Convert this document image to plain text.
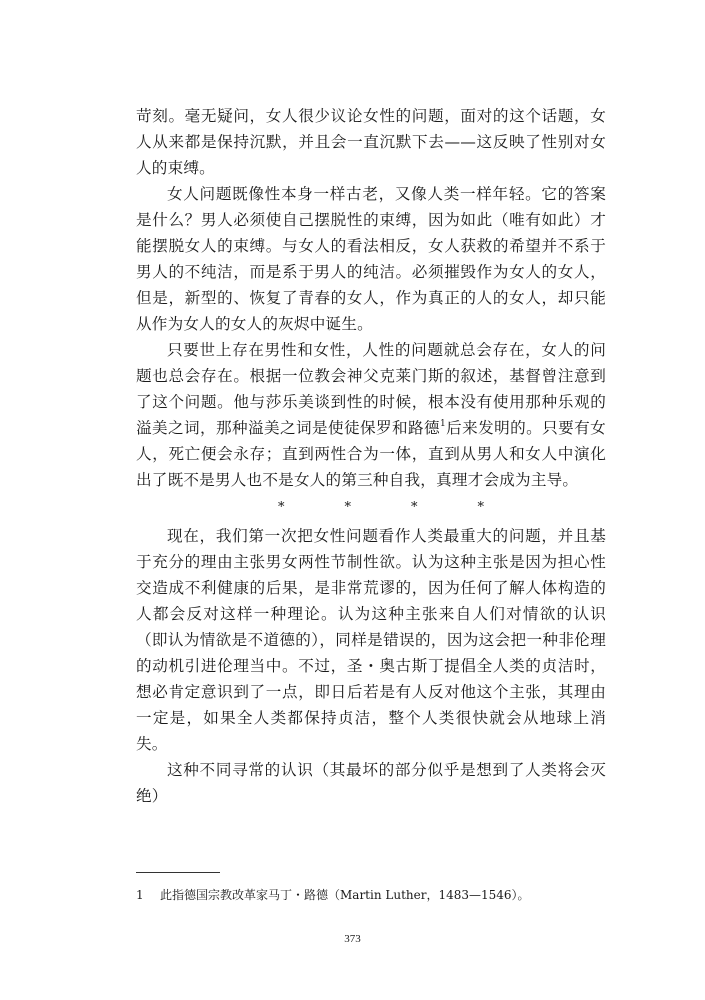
苛刻。毫无疑问，女人很少议论女性的问题，面对的这个话题，女人从来都是保持沉默，并且会一直沉默下去——这反映了性别对女人的束缚。

女人问题既像性本身一样古老，又像人类一样年轻。它的答案是什么？男人必须使自己摆脱性的束缚，因为如此（唯有如此）才能摆脱女人的束缚。与女人的看法相反，女人获救的希望并不系于男人的不纯洁，而是系于男人的纯洁。必须摧毁作为女人的女人，但是，新型的、恢复了青春的女人，作为真正的人的女人，却只能从作为女人的女人的灰烬中诞生。

只要世上存在男性和女性，人性的问题就总会存在，女人的问题也总会存在。根据一位教会神父克莱门斯的叙述，基督曾注意到了这个问题。他与莎乐美谈到性的时候，根本没有使用那种乐观的溢美之词，那种溢美之词是使徒保罗和路德$^1$后来发明的。只要有女人，死亡便会永存；直到两性合为一体，直到从男人和女人中演化出了既不是男人也不是女人的第三种自我，真理才会成为主导。

*	*	*	*

现在，我们第一次把女性问题看作人类最重大的问题，并且基于充分的理由主张男女两性节制性欲。认为这种主张是因为担心性交造成不利健康的后果，是非常荒谬的，因为任何了解人体构造的人都会反对这样一种理论。认为这种主张来自人们对情欲的认识（即认为情欲是不道德的），同样是错误的，因为这会把一种非伦理的动机引进伦理当中。不过，圣・奥古斯丁提倡全人类的贞洁时，想必肯定意识到了一点，即日后若是有人反对他这个主张，其理由一定是，如果全人类都保持贞洁，整个人类很快就会从地球上消失。

这种不同寻常的认识（其最坏的部分似乎是想到了人类将会灭绝）

1 此指德国宗教改革家马丁・路德（Martin Luther，1483—1546）。
373
